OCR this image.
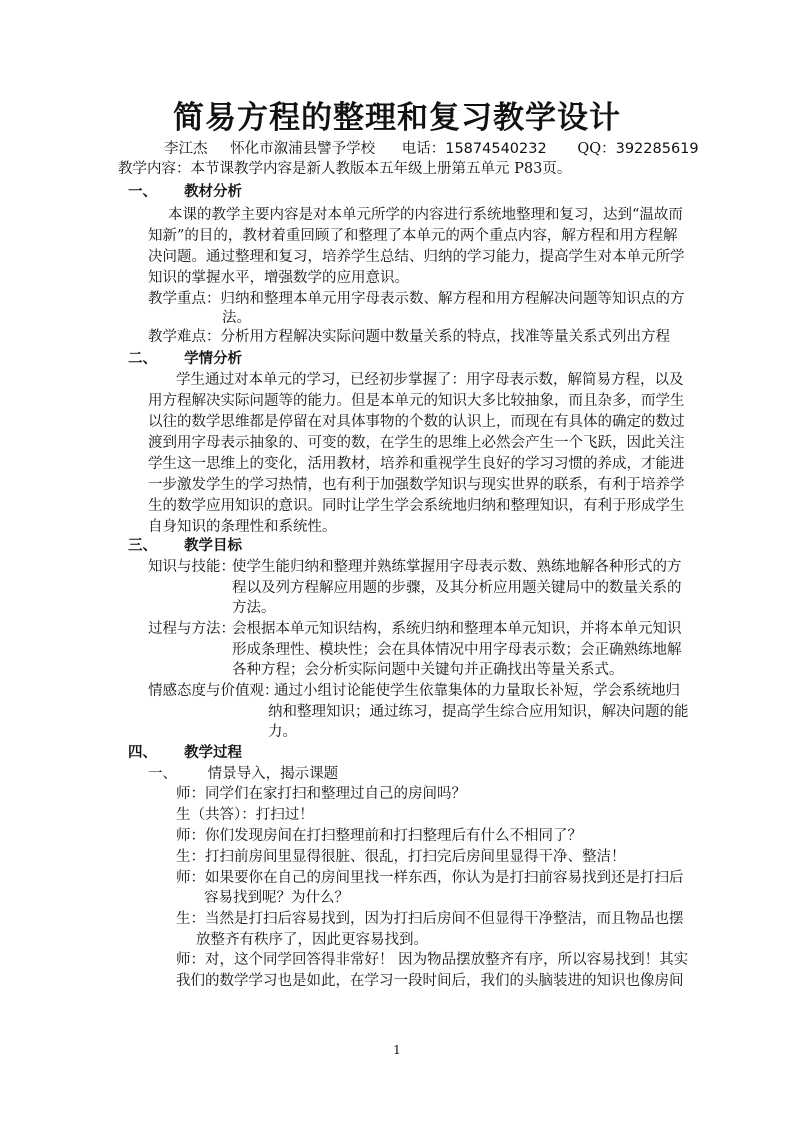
简易方程的整理和复习教学设计
李江杰 怀化市溆浦县譬予学校 电话：15874540232 QQ：392285619
教学内容：本节课教学内容是新人教版本五年级上册第五单元 P83页。
一、 教材分析
本课的教学主要内容是对本单元所学的内容进行系统地整理和复习，达到“温故而
知新”的目的，教材着重回顾了和整理了本单元的两个重点内容，解方程和用方程解
决问题。通过整理和复习，培养学生总结、归纳的学习能力，提高学生对本单元所学
知识的掌握水平，增强数学的应用意识。
教学重点：归纳和整理本单元用字母表示数、解方程和用方程解决问题等知识点的方
法。
教学难点：分析用方程解决实际问题中数量关系的特点，找准等量关系式列出方程
二、 学情分析
学生通过对本单元的学习，已经初步掌握了：用字母表示数，解简易方程，以及
用方程解决实际问题等的能力。但是本单元的知识大多比较抽象，而且杂多，而学生
以往的数学思维都是停留在对具体事物的个数的认识上，而现在有具体的确定的数过
渡到用字母表示抽象的、可变的数，在学生的思维上必然会产生一个飞跃，因此关注
学生这一思维上的变化，活用教材，培养和重视学生良好的学习习惯的养成，才能进
一步激发学生的学习热情，也有利于加强数学知识与现实世界的联系，有利于培养学
生的数学应用知识的意识。同时让学生学会系统地归纳和整理知识，有利于形成学生
自身知识的条理性和系统性。
三、 教学目标
知识与技能：
使学生能归纳和整理并熟练掌握用字母表示数、熟练地解各种形式的方
程以及列方程解应用题的步骤，及其分析应用题关键局中的数量关系的
方法。
过程与方法：
会根据本单元知识结构，系统归纳和整理本单元知识，并将本单元知识
形成条理性、模块性；会在具体情况中用字母表示数；会正确熟练地解
各种方程；会分析实际问题中关键句并正确找出等量关系式。
情感态度与价值观：
通过小组讨论能使学生依靠集体的力量取长补短，学会系统地归
纳和整理知识；通过练习，提高学生综合应用知识，解决问题的能
力。
四、 教学过程
一、 情景导入，揭示课题
师：同学们在家打扫和整理过自己的房间吗？
生（共答）：打扫过！
师：你们发现房间在打扫整理前和打扫整理后有什么不相同了？
生：打扫前房间里显得很脏、很乱，打扫完后房间里显得干净、整洁！
师：如果要你在自己的房间里找一样东西，你认为是打扫前容易找到还是打扫后
容易找到呢？为什么？
生：当然是打扫后容易找到，因为打扫后房间不但显得干净整洁，而且物品也摆
放整齐有秩序了，因此更容易找到。
师：对，这个同学回答得非常好！ 因为物品摆放整齐有序，所以容易找到！其实
我们的数学学习也是如此，在学习一段时间后，我们的头脑装进的知识也像房间
1
